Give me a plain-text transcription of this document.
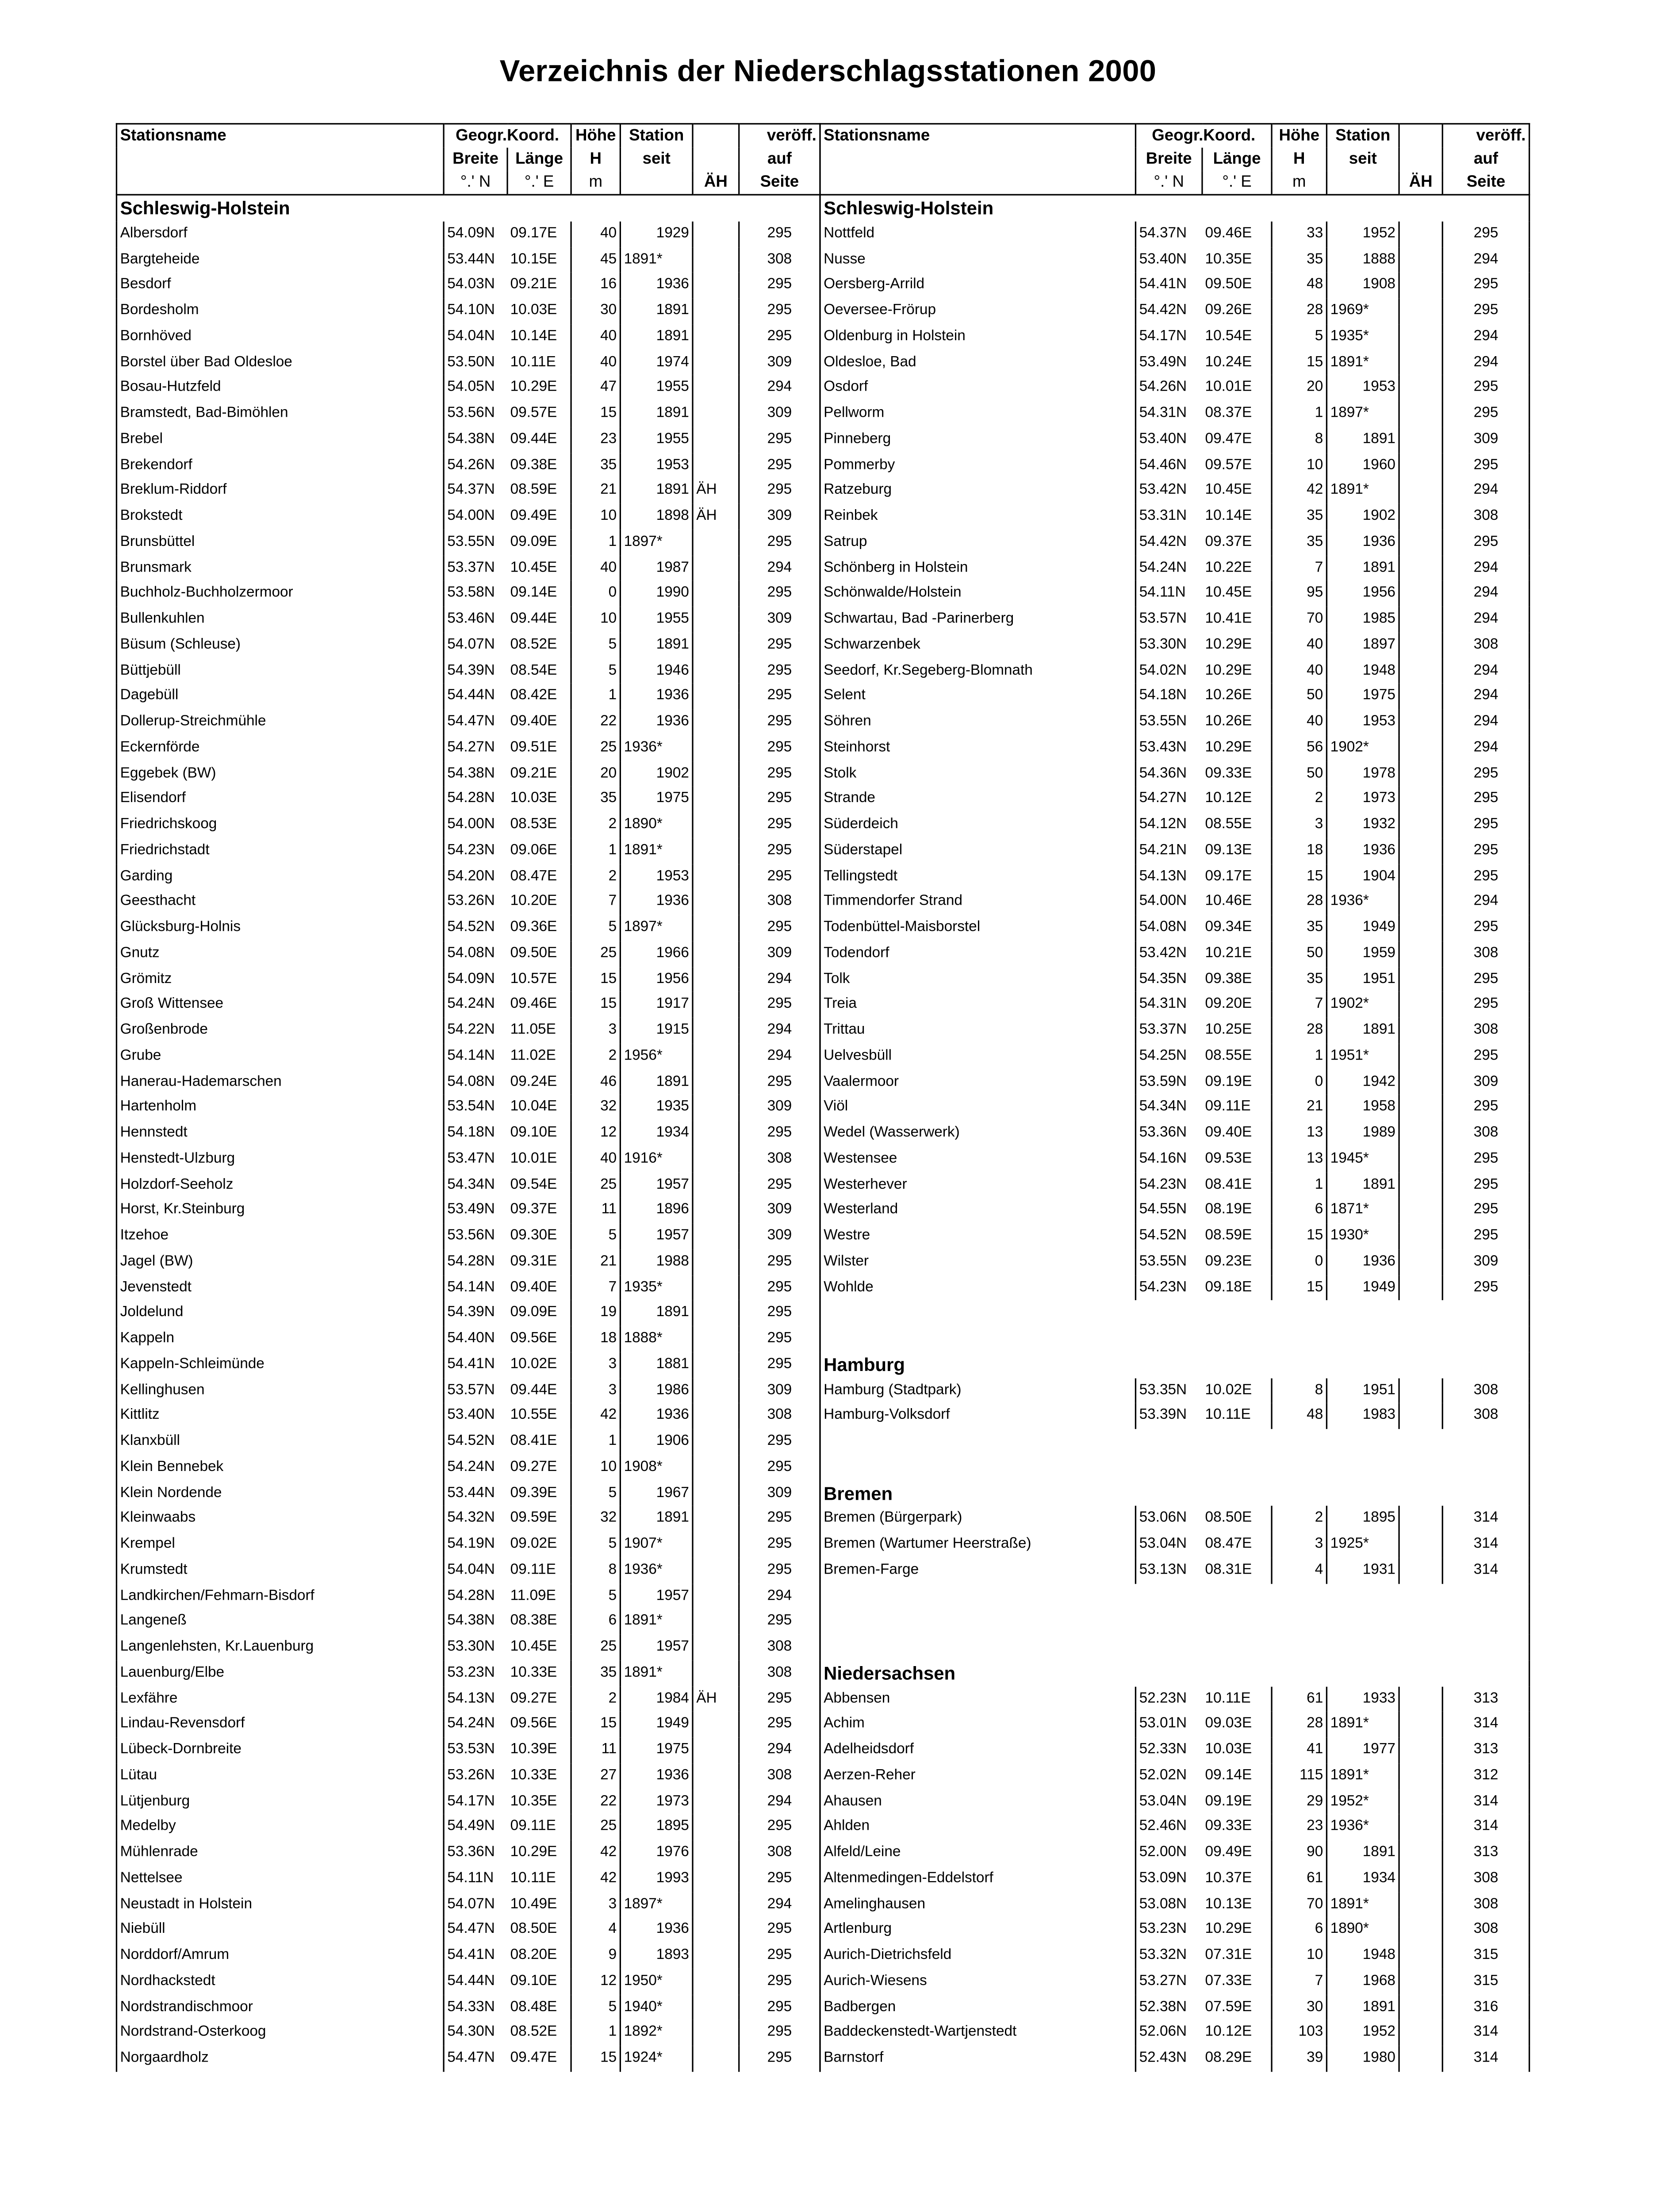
Verzeichnis der Niederschlagsstationen 2000
Stationsname	Geogr.Koord.		Höhe	Station		veröff.
	Breite	Länge	H	seit		auf
	°.' N	°.' E	m		ÄH	Seite
Schleswig-Holstein						
Albersdorf	54.09N	09.17E	40	1929		295
Bargteheide	53.44N	10.15E	45	1891*		308
Besdorf	54.03N	09.21E	16	1936		295
Bordesholm	54.10N	10.03E	30	1891		295
Bornhöved	54.04N	10.14E	40	1891		295
Borstel über Bad Oldesloe	53.50N	10.11E	40	1974		309
Bosau-Hutzfeld	54.05N	10.29E	47	1955		294
Bramstedt, Bad-Bimöhlen	53.56N	09.57E	15	1891		309
Brebel	54.38N	09.44E	23	1955		295
Brekendorf	54.26N	09.38E	35	1953		295
Breklum-Riddorf	54.37N	08.59E	21	1891	ÄH	295
Brokstedt	54.00N	09.49E	10	1898	ÄH	309
Brunsbüttel	53.55N	09.09E	1	1897*		295
Brunsmark	53.37N	10.45E	40	1987		294
Buchholz-Buchholzermoor	53.58N	09.14E	0	1990		295
Bullenkuhlen	53.46N	09.44E	10	1955		309
Büsum (Schleuse)	54.07N	08.52E	5	1891		295
Büttjebüll	54.39N	08.54E	5	1946		295
Dagebüll	54.44N	08.42E	1	1936		295
Dollerup-Streichmühle	54.47N	09.40E	22	1936		295
Eckernförde	54.27N	09.51E	25	1936*		295
Eggebek (BW)	54.38N	09.21E	20	1902		295
Elisendorf	54.28N	10.03E	35	1975		295
Friedrichskoog	54.00N	08.53E	2	1890*		295
Friedrichstadt	54.23N	09.06E	1	1891*		295
Garding	54.20N	08.47E	2	1953		295
Geesthacht	53.26N	10.20E	7	1936		308
Glücksburg-Holnis	54.52N	09.36E	5	1897*		295
Gnutz	54.08N	09.50E	25	1966		309
Grömitz	54.09N	10.57E	15	1956		294
Groß Wittensee	54.24N	09.46E	15	1917		295
Großenbrode	54.22N	11.05E	3	1915		294
Grube	54.14N	11.02E	2	1956*		294
Hanerau-Hademarschen	54.08N	09.24E	46	1891		295
Hartenholm	53.54N	10.04E	32	1935		309
Hennstedt	54.18N	09.10E	12	1934		295
Henstedt-Ulzburg	53.47N	10.01E	40	1916*		308
Holzdorf-Seeholz	54.34N	09.54E	25	1957		295
Horst, Kr.Steinburg	53.49N	09.37E	11	1896		309
Itzehoe	53.56N	09.30E	5	1957		309
Jagel (BW)	54.28N	09.31E	21	1988		295
Jevenstedt	54.14N	09.40E	7	1935*		295
Joldelund	54.39N	09.09E	19	1891		295
Kappeln	54.40N	09.56E	18	1888*		295
Kappeln-Schleimünde	54.41N	10.02E	3	1881		295
Kellinghusen	53.57N	09.44E	3	1986		309
Kittlitz	53.40N	10.55E	42	1936		308
Klanxbüll	54.52N	08.41E	1	1906		295
Klein Bennebek	54.24N	09.27E	10	1908*		295
Klein Nordende	53.44N	09.39E	5	1967		309
Kleinwaabs	54.32N	09.59E	32	1891		295
Krempel	54.19N	09.02E	5	1907*		295
Krumstedt	54.04N	09.11E	8	1936*		295
Landkirchen/Fehmarn-Bisdorf	54.28N	11.09E	5	1957		294
Langeneß	54.38N	08.38E	6	1891*		295
Langenlehsten, Kr.Lauenburg	53.30N	10.45E	25	1957		308
Lauenburg/Elbe	53.23N	10.33E	35	1891*		308
Lexfähre	54.13N	09.27E	2	1984	ÄH	295
Lindau-Revensdorf	54.24N	09.56E	15	1949		295
Lübeck-Dornbreite	53.53N	10.39E	11	1975		294
Lütau	53.26N	10.33E	27	1936		308
Lütjenburg	54.17N	10.35E	22	1973		294
Medelby	54.49N	09.11E	25	1895		295
Mühlenrade	53.36N	10.29E	42	1976		308
Nettelsee	54.11N	10.11E	42	1993		295
Neustadt in Holstein	54.07N	10.49E	3	1897*		294
Niebüll	54.47N	08.50E	4	1936		295
Norddorf/Amrum	54.41N	08.20E	9	1893		295
Nordhackstedt	54.44N	09.10E	12	1950*		295
Nordstrandischmoor	54.33N	08.48E	5	1940*		295
Nordstrand-Osterkoog	54.30N	08.52E	1	1892*		295
Norgaardholz	54.47N	09.47E	15	1924*		295
Stationsname	Geogr.Koord.		Höhe	Station		veröff.
	Breite	Länge	H	seit		auf
	°.' N	°.' E	m		ÄH	Seite
Schleswig-Holstein						
Nottfeld	54.37N	09.46E	33	1952		295
Nusse	53.40N	10.35E	35	1888		294
Oersberg-Arrild	54.41N	09.50E	48	1908		295
Oeversee-Frörup	54.42N	09.26E	28	1969*		295
Oldenburg in Holstein	54.17N	10.54E	5	1935*		294
Oldesloe, Bad	53.49N	10.24E	15	1891*		294
Osdorf	54.26N	10.01E	20	1953		295
Pellworm	54.31N	08.37E	1	1897*		295
Pinneberg	53.40N	09.47E	8	1891		309
Pommerby	54.46N	09.57E	10	1960		295
Ratzeburg	53.42N	10.45E	42	1891*		294
Reinbek	53.31N	10.14E	35	1902		308
Satrup	54.42N	09.37E	35	1936		295
Schönberg in Holstein	54.24N	10.22E	7	1891		294
Schönwalde/Holstein	54.11N	10.45E	95	1956		294
Schwartau, Bad -Parinerberg	53.57N	10.41E	70	1985		294
Schwarzenbek	53.30N	10.29E	40	1897		308
Seedorf, Kr.Segeberg-Blomnath	54.02N	10.29E	40	1948		294
Selent	54.18N	10.26E	50	1975		294
Söhren	53.55N	10.26E	40	1953		294
Steinhorst	53.43N	10.29E	56	1902*		294
Stolk	54.36N	09.33E	50	1978		295
Strande	54.27N	10.12E	2	1973		295
Süderdeich	54.12N	08.55E	3	1932		295
Süderstapel	54.21N	09.13E	18	1936		295
Tellingstedt	54.13N	09.17E	15	1904		295
Timmendorfer Strand	54.00N	10.46E	28	1936*		294
Todenbüttel-Maisborstel	54.08N	09.34E	35	1949		295
Todendorf	53.42N	10.21E	50	1959		308
Tolk	54.35N	09.38E	35	1951		295
Treia	54.31N	09.20E	7	1902*		295
Trittau	53.37N	10.25E	28	1891		308
Uelvesbüll	54.25N	08.55E	1	1951*		295
Vaalermoor	53.59N	09.19E	0	1942		309
Viöl	54.34N	09.11E	21	1958		295
Wedel (Wasserwerk)	53.36N	09.40E	13	1989		308
Westensee	54.16N	09.53E	13	1945*		295
Westerhever	54.23N	08.41E	1	1891		295
Westerland	54.55N	08.19E	6	1871*		295
Westre	54.52N	08.59E	15	1930*		295
Wilster	53.55N	09.23E	0	1936		309
Wohlde	54.23N	09.18E	15	1949		295

Hamburg						
Hamburg (Stadtpark)	53.35N	10.02E	8	1951		308
Hamburg-Volksdorf	53.39N	10.11E	48	1983		308

Bremen						
Bremen (Bürgerpark)	53.06N	08.50E	2	1895		314
Bremen (Wartumer Heerstraße)	53.04N	08.47E	3	1925*		314
Bremen-Farge	53.13N	08.31E	4	1931		314

Niedersachsen						
Abbensen	52.23N	10.11E	61	1933		313
Achim	53.01N	09.03E	28	1891*		314
Adelheidsdorf	52.33N	10.03E	41	1977		313
Aerzen-Reher	52.02N	09.14E	115	1891*		312
Ahausen	53.04N	09.19E	29	1952*		314
Ahlden	52.46N	09.33E	23	1936*		314
Alfeld/Leine	52.00N	09.49E	90	1891		313
Altenmedingen-Eddelstorf	53.09N	10.37E	61	1934		308
Amelinghausen	53.08N	10.13E	70	1891*		308
Artlenburg	53.23N	10.29E	6	1890*		308
Aurich-Dietrichsfeld	53.32N	07.31E	10	1948		315
Aurich-Wiesens	53.27N	07.33E	7	1968		315
Badbergen	52.38N	07.59E	30	1891		316
Baddeckenstedt-Wartjenstedt	52.06N	10.12E	103	1952		314
Barnstorf	52.43N	08.29E	39	1980		314
